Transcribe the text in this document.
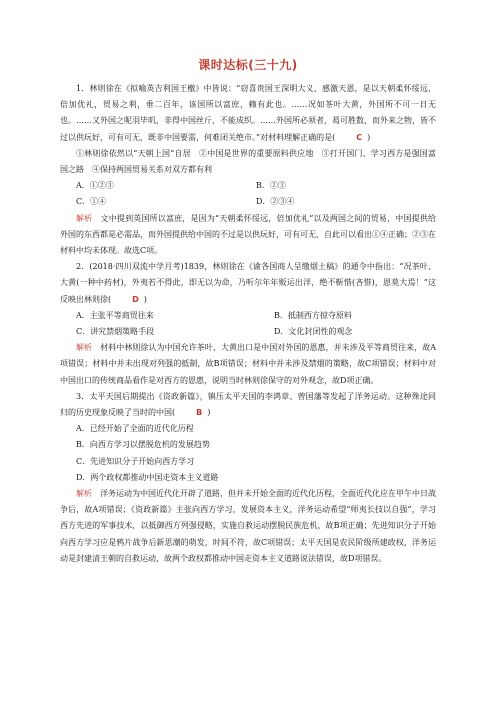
课时达标(三十九)

1．林则徐在《拟喻英吉利国王檄》中皆说：“窃喜贵国王深明大义，感激天恩，是以天朝柔怀绥远，倍加优礼，贸易之利，垂二百年，该国所以富庶，赖有此也。……况如茶叶大黄，外国所不可一日无也。……又外国之呢羽毕叽，非得中国丝斤，不能成织。……外国所必须者，曷可胜数，而外来之物，皆不过以供玩好，可有可无，既非中国要需，何难闭关绝市。”对材料理解正确的是(	C )

①林则徐依然以“天朝上国”自居　②中国是世界的重要原料供应地　③打开国门、学习西方是强国富国之路　④保持两国贸易关系对双方都有利

A．①②③	B．②③
C．①④	D．②③④

解析　 文中提到英国所以富庶，是因为“天朝柔怀绥远，倍加优礼”以及两国之间的贸易，中国提供给外国的东西都是必需品，而外国提供给中国的不过是以供玩好，可有可无，自此可以看出①④正确；②③在材料中均未体现。故选C项。

2．(2018·四川双流中学月考)1839，林则徐在《谕各国商人呈缴烟土稿》的通令中指出：“况茶叶、大黄(一种中药材)，外夷若不得此，即无以为命，乃听尔年年贩运出洋，绝不靳惜(吝惜)，恩莫大焉！”这反映出林则徐(	D )

A．主张平等商贸往来	B．抵制西方掠夺原料
C．讲究禁烟策略手段	D．文化封闭性的观念

解析　 材料中林则徐认为中国允许茶叶、大黄出口是中国对外国的恩惠，并未涉及平等商贸往来，故A项错误；材料中并未出现对列强的抵制，故B项错误；材料中并未涉及禁烟的策略，故C项错误；材料中对中国出口的传统商品看作是对西方的恩惠，说明当时林则徐保守的对外观念，故D项正确。

3．太平天国后期提出《资政新篇》，镇压太平天国的李鸿章、曾国藩等发起了洋务运动。这种殊途同归的历史现象反映了当时的中国(	B )

A．已经开始了全面的近代化历程
B．向西方学习以摆脱危机的发展趋势
C．先进知识分子开始向西方学习
D．两个政权都推动中国走资本主义道路

解析　 洋务运动为中国近代化开辟了道路，但并未开始全面的近代化历程，全面近代化应在甲午中日战争后，故A项错误；《资政新篇》主张向西方学习，发展资本主义，洋务运动希望“师夷长技以自强”，学习西方先进的军事技术，以抵御西方列强侵略，实施自救运动摆脱民族危机，故B项正确；先进知识分子开始向西方学习应是鸦片战争后新思潮的萌发，时间不符，故C项错误；太平天国是农民阶级所建政权，洋务运动是封建清王朝的自救运动，故两个政权都推动中国走资本主义道路说法错误，故D项错误。
